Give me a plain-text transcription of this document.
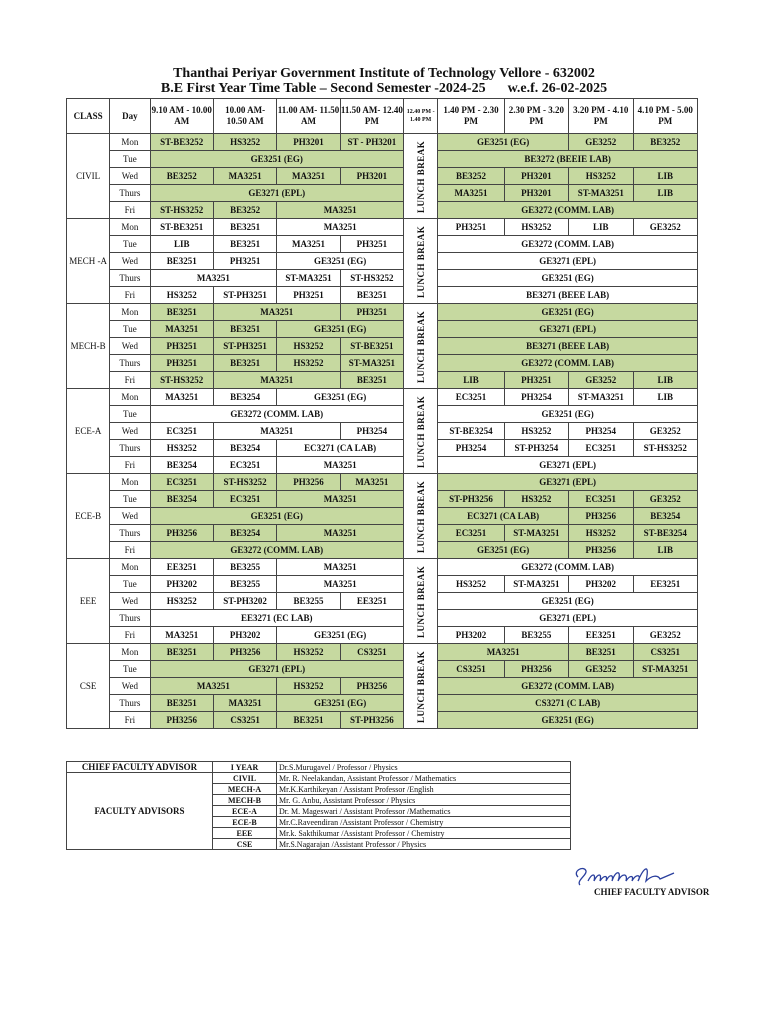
Thanthai Periyar Government Institute of Technology Vellore - 632002
B.E First Year Time Table – Second Semester -2024-25 w.e.f. 26-02-2025
CLASS	Day	9.10 AM - 10.00 AM	10.00 AM- 10.50 AM	11.00 AM- 11.50 AM	11.50 AM- 12.40 PM	12.40 PM - 1.40 PM	1.40 PM - 2.30 PM	2.30 PM - 3.20 PM	3.20 PM - 4.10 PM	4.10 PM - 5.00 PM
CIVIL	Mon	ST-BE3252	HS3252	PH3201	ST - PH3201	LUNCH BREAK	GE3251 (EG)		GE3252	BE3252
	Tue	GE3251 (EG)					BE3272 (BEEIE LAB)			
	Wed	BE3252	MA3251	MA3251	PH3201		BE3252	PH3201	HS3252	LIB
	Thurs	GE3271 (EPL)					MA3251	PH3201	ST-MA3251	LIB
	Fri	ST-HS3252	BE3252	MA3251			GE3272 (COMM. LAB)			
MECH -A	Mon	ST-BE3251	BE3251	MA3251		LUNCH BREAK	PH3251	HS3252	LIB	GE3252
	Tue	LIB	BE3251	MA3251	PH3251		GE3272 (COMM. LAB)			
	Wed	BE3251	PH3251	GE3251 (EG)			GE3271 (EPL)			
	Thurs	MA3251		ST-MA3251	ST-HS3252		GE3251 (EG)			
	Fri	HS3252	ST-PH3251	PH3251	BE3251		BE3271 (BEEE LAB)			
MECH-B	Mon	BE3251	MA3251		PH3251	LUNCH BREAK	GE3251 (EG)			
	Tue	MA3251	BE3251	GE3251 (EG)			GE3271 (EPL)			
	Wed	PH3251	ST-PH3251	HS3252	ST-BE3251		BE3271 (BEEE LAB)			
	Thurs	PH3251	BE3251	HS3252	ST-MA3251		GE3272 (COMM. LAB)			
	Fri	ST-HS3252	MA3251		BE3251		LIB	PH3251	GE3252	LIB
ECE-A	Mon	MA3251	BE3254	GE3251 (EG)		LUNCH BREAK	EC3251	PH3254	ST-MA3251	LIB
	Tue	GE3272 (COMM. LAB)					GE3251 (EG)			
	Wed	EC3251	MA3251		PH3254		ST-BE3254	HS3252	PH3254	GE3252
	Thurs	HS3252	BE3254	EC3271 (CA LAB)			PH3254	ST-PH3254	EC3251	ST-HS3252
	Fri	BE3254	EC3251	MA3251			GE3271 (EPL)			
ECE-B	Mon	EC3251	ST-HS3252	PH3256	MA3251	LUNCH BREAK	GE3271 (EPL)			
	Tue	BE3254	EC3251	MA3251			ST-PH3256	HS3252	EC3251	GE3252
	Wed	GE3251 (EG)					EC3271 (CA LAB)		PH3256	BE3254
	Thurs	PH3256	BE3254	MA3251			EC3251	ST-MA3251	HS3252	ST-BE3254
	Fri	GE3272 (COMM. LAB)					GE3251 (EG)		PH3256	LIB
EEE	Mon	EE3251	BE3255	MA3251		LUNCH BREAK	GE3272 (COMM. LAB)			
	Tue	PH3202	BE3255	MA3251			HS3252	ST-MA3251	PH3202	EE3251
	Wed	HS3252	ST-PH3202	BE3255	EE3251		GE3251 (EG)			
	Thurs	EE3271 (EC LAB)					GE3271 (EPL)			
	Fri	MA3251	PH3202	GE3251 (EG)			PH3202	BE3255	EE3251	GE3252
CSE	Mon	BE3251	PH3256	HS3252	CS3251	LUNCH BREAK	MA3251		BE3251	CS3251
	Tue	GE3271 (EPL)					CS3251	PH3256	GE3252	ST-MA3251
	Wed	MA3251		HS3252	PH3256		GE3272 (COMM. LAB)			
	Thurs	BE3251	MA3251	GE3251 (EG)			CS3271 (C LAB)			
	Fri	PH3256	CS3251	BE3251	ST-PH3256		GE3251 (EG)			
CHIEF FACULTY ADVISOR	I YEAR	Dr.S.Murugavel / Professor / Physics
FACULTY ADVISORS	CIVIL	Mr. R. Neelakandan, Assistant Professor / Mathematics
	MECH-A	Mr.K.Karthikeyan / Assistant Professor /English
	MECH-B	Mr. G. Anbu, Assistant Professor / Physics
	ECE-A	Dr. M. Mageswari / Assistant Professor /Mathematics
	ECE-B	Mr.C.Raveendiran /Assistant Professor / Chemistry
	EEE	Mr.k. Sakthikumar /Assistant Professor / Chemistry
	CSE	Mr.S.Nagarajan /Assistant Professor / Physics
CHIEF FACULTY ADVISOR
